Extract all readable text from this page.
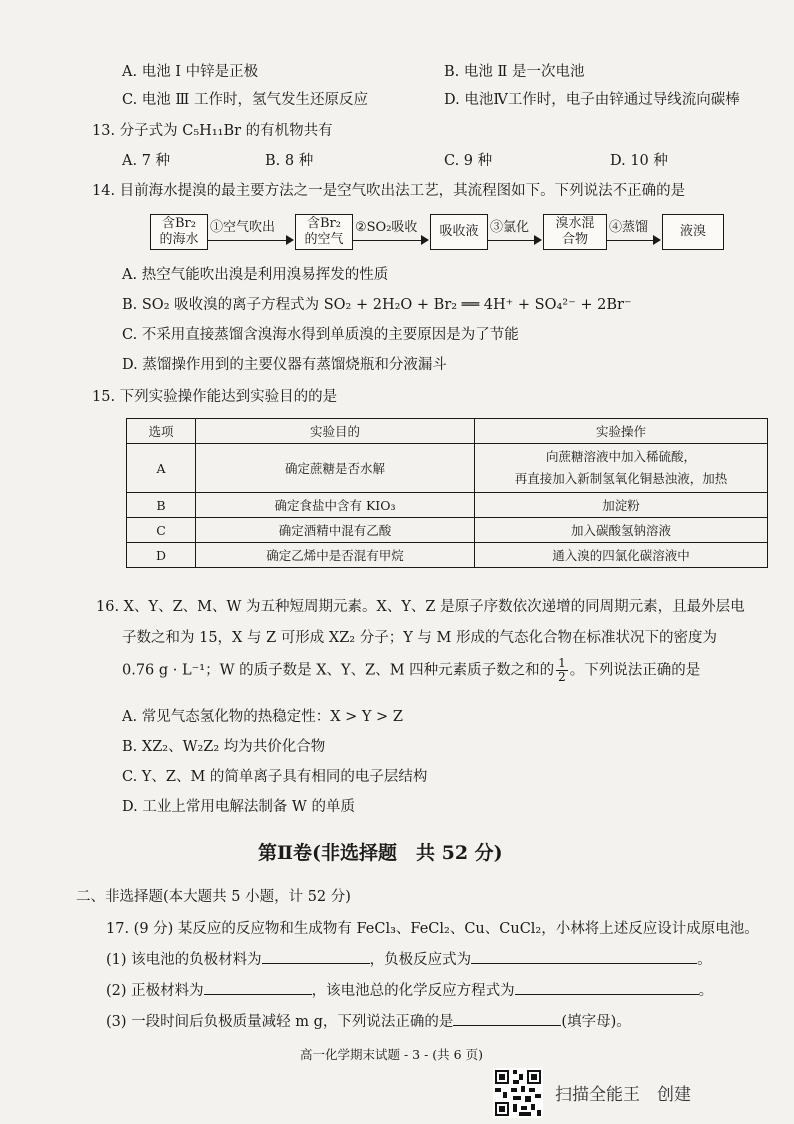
A. 电池 Ⅰ 中锌是正极	B. 电池 Ⅱ 是一次电池
C. 电池 Ⅲ 工作时，氢气发生还原反应	D. 电池Ⅳ工作时，电子由锌通过导线流向碳棒
13. 分子式为 C₅H₁₁Br 的有机物共有
A. 7 种	B. 8 种	C. 9 种	D. 10 种
14. 目前海水提溴的最主要方法之一是空气吹出法工艺，其流程图如下。下列说法不正确的是
含Br₂的海水
①空气吹出	含Br₂的空气
②SO₂吸收 吸收液 ③氯化 溴水混合物
④蒸馏 液溴
A. 热空气能吹出溴是利用溴易挥发的性质
B. SO₂ 吸收溴的离子方程式为 SO₂ + 2H₂O + Br₂ ══ 4H⁺ + SO₄²⁻ + 2Br⁻
C. 不采用直接蒸馏含溴海水得到单质溴的主要原因是为了节能
D. 蒸馏操作用到的主要仪器有蒸馏烧瓶和分液漏斗
15. 下列实验操作能达到实验目的的是
选项	实验目的	实验操作
A	确定蔗糖是否水解	向蔗糖溶液中加入稀硫酸，
再直接加入新制氢氧化铜悬浊液，加热

B	确定食盐中含有 KIO₃	加淀粉
C	确定酒精中混有乙酸	加入碳酸氢钠溶液
D	确定乙烯中是否混有甲烷	通入溴的四氯化碳溶液中
16. X、Y、Z、M、W 为五种短周期元素。X、Y、Z 是原子序数依次递增的同周期元素，且最外层电
子数之和为 15，X 与 Z 可形成 XZ₂ 分子；Y 与 M 形成的气态化合物在标准状况下的密度为
0.76 g · L⁻¹；W 的质子数是 X、Y、Z、M 四种元素质子数之和的 $\frac{1}{2}$ 。下列说法正确的是
A. 常见气态氢化物的热稳定性：X > Y > Z
B. XZ₂、W₂Z₂ 均为共价化合物
C. Y、Z、M 的简单离子具有相同的电子层结构
D. 工业上常用电解法制备 W 的单质
第Ⅱ卷(非选择题　共 52 分)
二、非选择题(本大题共 5 小题，计 52 分)
17. (9 分) 某反应的反应物和生成物有 FeCl₃、FeCl₂、Cu、CuCl₂，小林将上述反应设计成原电池。
(1) 该电池的负极材料为	，负极反应式为	。
(2) 正极材料为	，该电池总的化学反应方程式为	。
(3) 一段时间后负极质量减轻 m g，下列说法正确的是	(填字母)。
高一化学期末试题 - 3 - (共 6 页)
扫描全能王　创建
